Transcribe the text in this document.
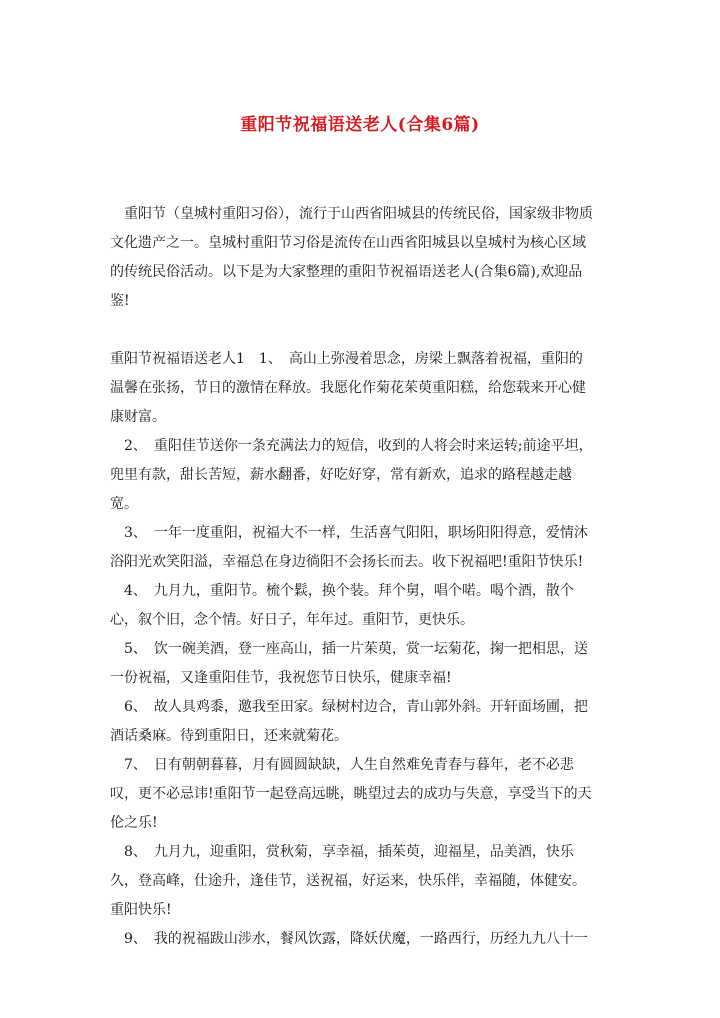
重阳节祝福语送老人(合集6篇)
重阳节（皇城村重阳习俗），流行于山西省阳城县的传统民俗，国家级非物质
文化遗产之一。皇城村重阳节习俗是流传在山西省阳城县以皇城村为核心区域
的传统民俗活动。以下是为大家整理的重阳节祝福语送老人(合集6篇),欢迎品
鉴!
重阳节祝福语送老人1　1、　高山上弥漫着思念，房梁上飘落着祝福，重阳的
温馨在张扬，节日的激情在释放。我愿化作菊花茱萸重阳糕，给您载来开心健
康财富。
　2、　重阳佳节送你一条充满法力的短信，收到的人将会时来运转;前途平坦，
兜里有款，甜长苦短，薪水翻番，好吃好穿，常有新欢，追求的路程越走越
宽。
　3、　一年一度重阳，祝福大不一样，生活喜气阳阳，职场阳阳得意，爱情沐
浴阳光欢笑阳溢，幸福总在身边徜阳不会扬长而去。收下祝福吧!重阳节快乐!
　4、　九月九，重阳节。梳个鬏，换个装。拜个舅，唱个喏。喝个酒，散个
心，叙个旧，念个情。好日子，年年过。重阳节，更快乐。
　5、　饮一碗美酒，登一座高山，插一片茱萸，赏一坛菊花，掬一把相思，送
一份祝福，又逢重阳佳节，我祝您节日快乐，健康幸福!
　6、　故人具鸡黍，邀我至田家。绿树村边合，青山郭外斜。开轩面场圃，把
酒话桑麻。待到重阳日，还来就菊花。
　7、　日有朝朝暮暮，月有圆圆缺缺，人生自然难免青春与暮年，老不必悲
叹，更不必忌讳!重阳节一起登高远眺，眺望过去的成功与失意，享受当下的天
伦之乐!
　8、　九月九，迎重阳，赏秋菊，享幸福，插茱萸，迎福星，品美酒，快乐
久，登高峰，仕途升，逢佳节，送祝福，好运来，快乐伴，幸福随，体健安。
重阳快乐!
　9、　我的祝福跋山涉水，餐风饮露，降妖伏魔，一路西行，历经九九八十一
